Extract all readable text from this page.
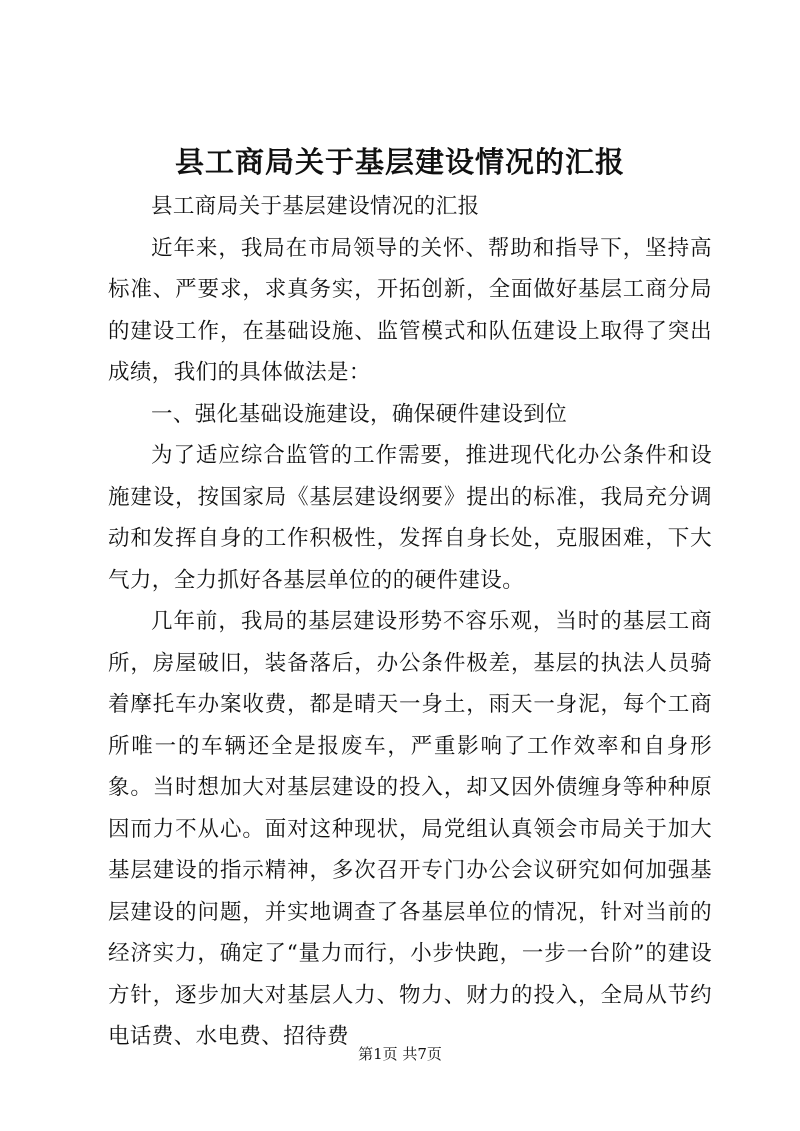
县工商局关于基层建设情况的汇报

县工商局关于基层建设情况的汇报

近年来，我局在市局领导的关怀、帮助和指导下，坚持高标准、严要求，求真务实，开拓创新，全面做好基层工商分局的建设工作，在基础设施、监管模式和队伍建设上取得了突出成绩，我们的具体做法是：

一、强化基础设施建设，确保硬件建设到位

为了适应综合监管的工作需要，推进现代化办公条件和设施建设，按国家局《基层建设纲要》提出的标准，我局充分调动和发挥自身的工作积极性，发挥自身长处，克服困难，下大气力，全力抓好各基层单位的的硬件建设。

几年前，我局的基层建设形势不容乐观，当时的基层工商所，房屋破旧，装备落后，办公条件极差，基层的执法人员骑着摩托车办案收费，都是晴天一身土，雨天一身泥，每个工商所唯一的车辆还全是报废车，严重影响了工作效率和自身形象。当时想加大对基层建设的投入，却又因外债缠身等种种原因而力不从心。面对这种现状，局党组认真领会市局关于加大基层建设的指示精神，多次召开专门办公会议研究如何加强基层建设的问题，并实地调查了各基层单位的情况，针对当前的经济实力，确定了“量力而行，小步快跑，一步一台阶”的建设方针，逐步加大对基层人力、物力、财力的投入，全局从节约电话费、水电费、招待费

第1页 共7页
